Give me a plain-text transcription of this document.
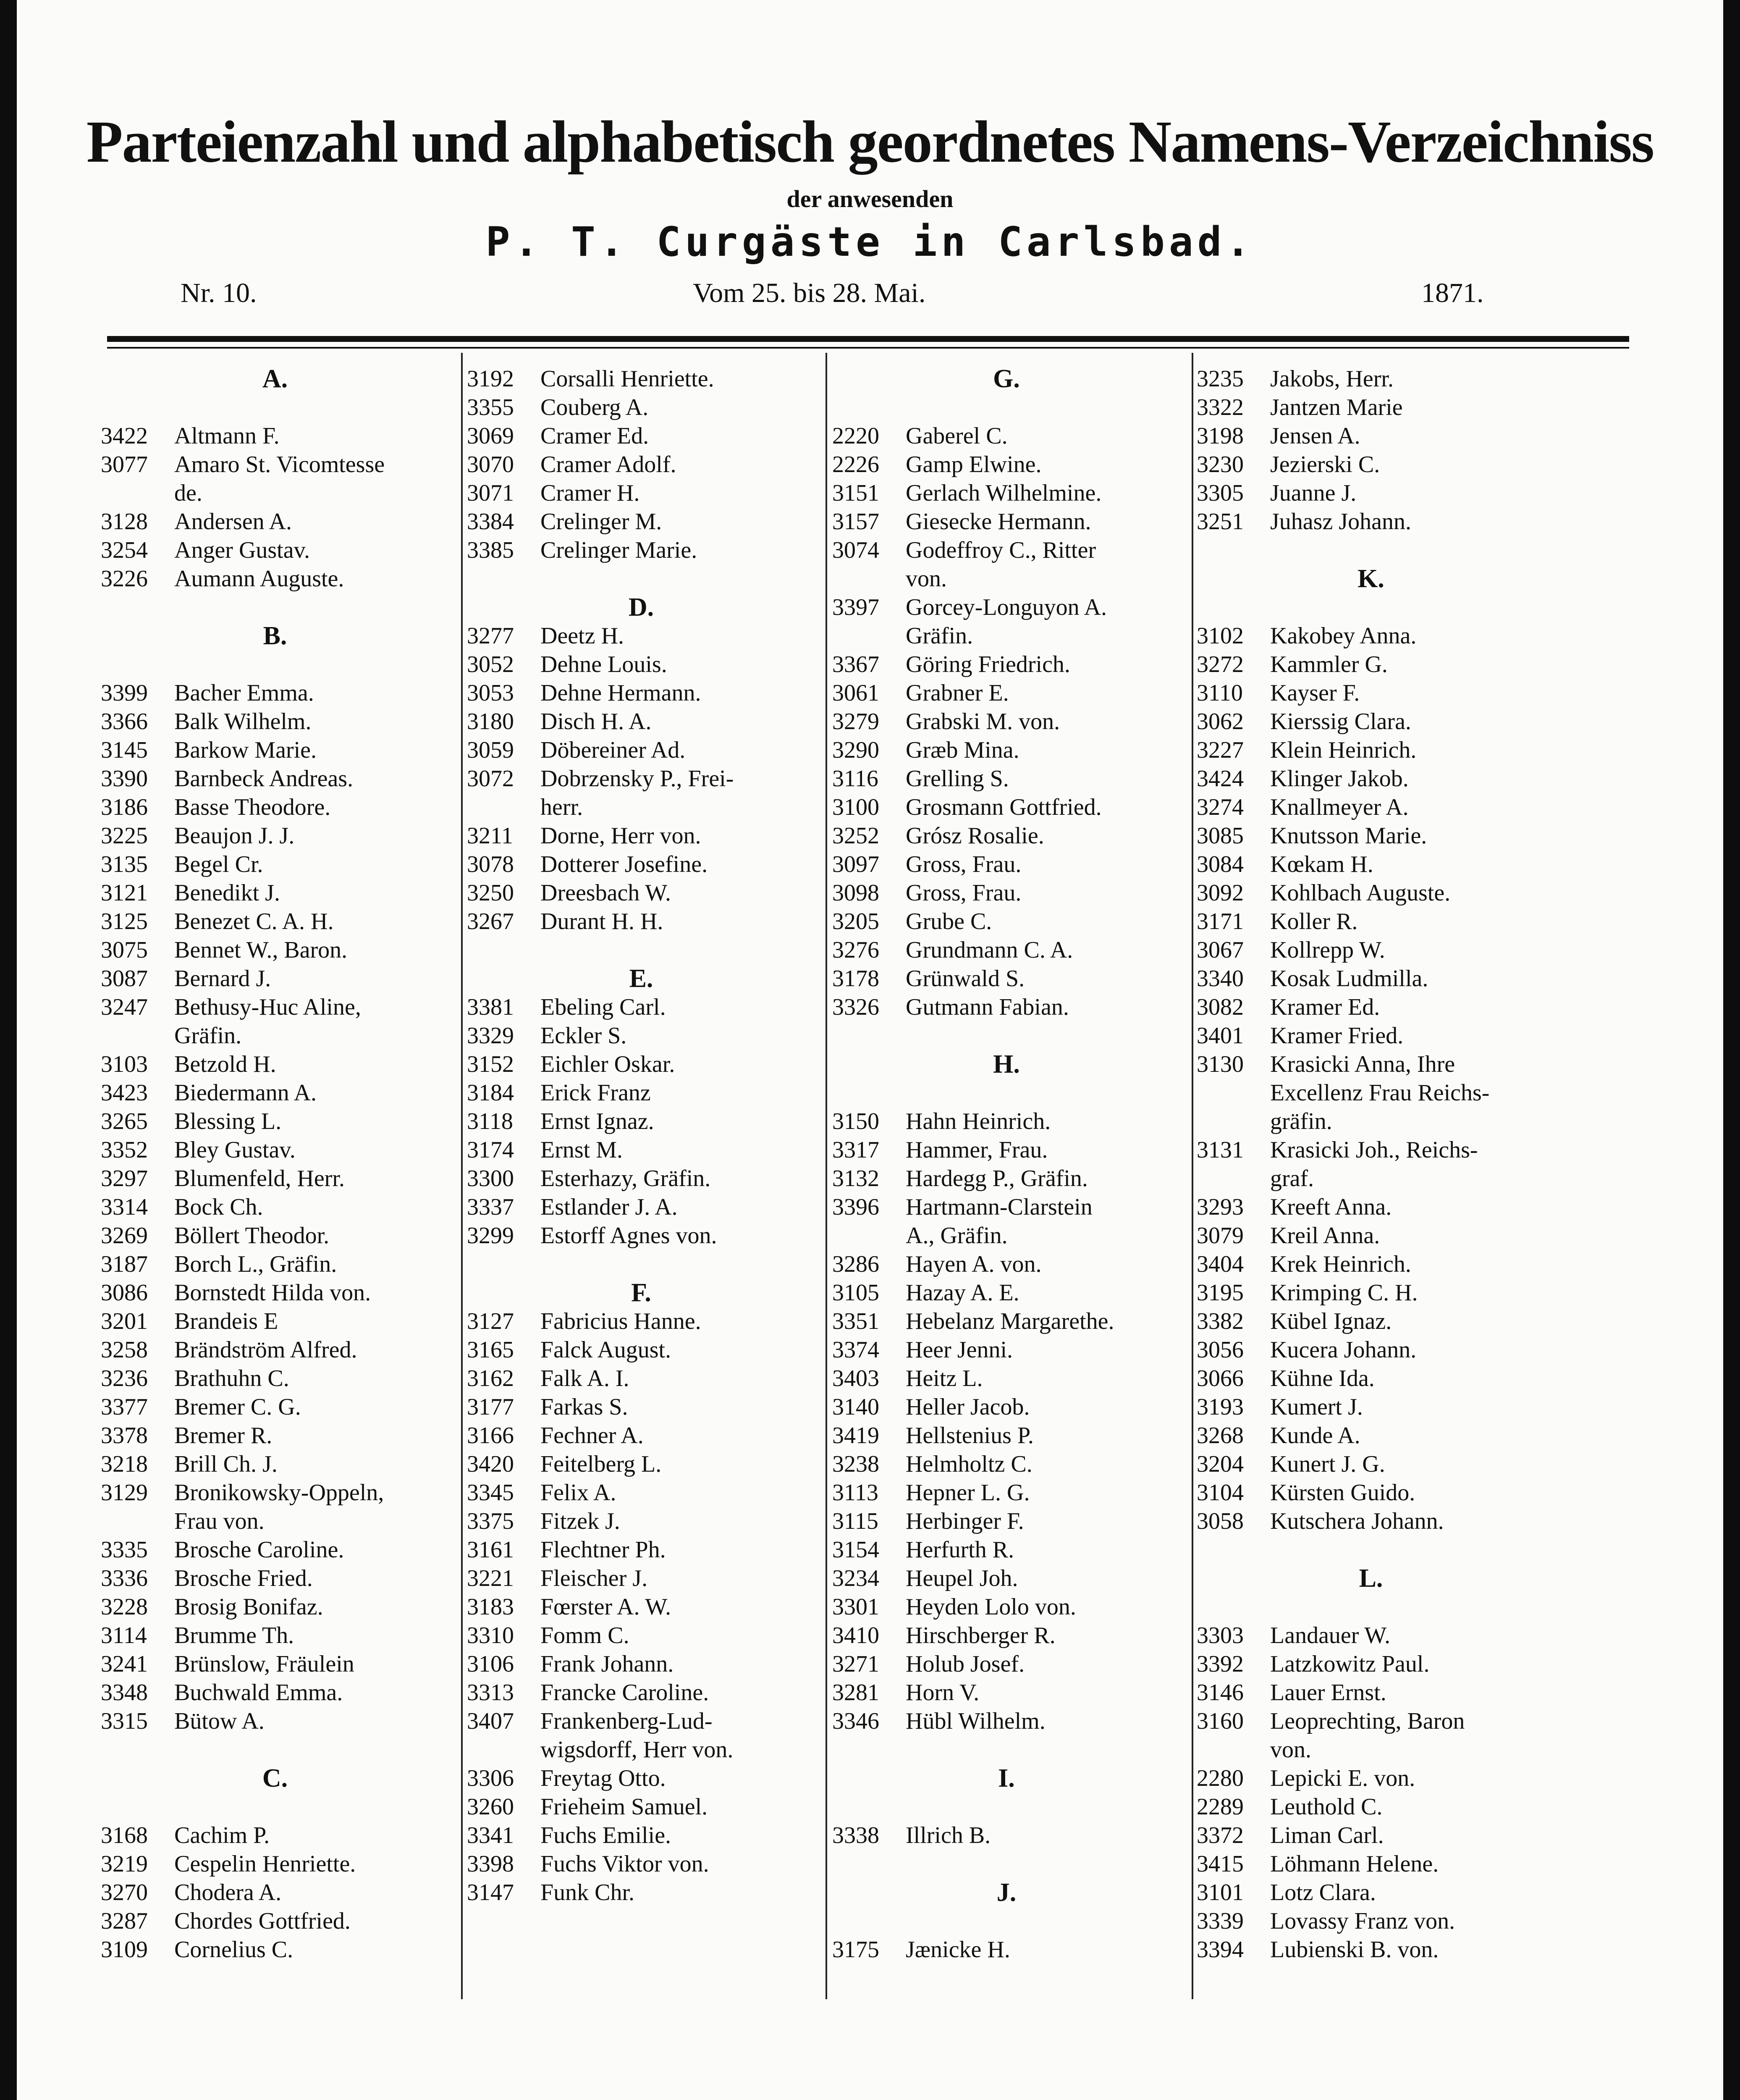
Parteienzahl und alphabetisch geordnetes Namens-Verzeichniss
der anwesenden
P. T. Curgäste in Carlsbad.
Nr. 10.	Vom 25. bis 28. Mai.	1871.
A.
3422	Altmann F.
3077	Amaro St. Vicomtesse
de.
3128	Andersen A.
3254	Anger Gustav.
3226	Aumann Auguste.
B.
3399	Bacher Emma.
3366	Balk Wilhelm.
3145	Barkow Marie.
3390	Barnbeck Andreas.
3186	Basse Theodore.
3225	Beaujon J. J.
3135	Begel Cr.
3121	Benedikt J.
3125	Benezet C. A. H.
3075	Bennet W., Baron.
3087	Bernard J.
3247	Bethusy-Huc Aline,
Gräfin.
3103	Betzold H.
3423	Biedermann A.
3265	Blessing L.
3352	Bley Gustav.
3297	Blumenfeld, Herr.
3314	Bock Ch.
3269	Böllert Theodor.
3187	Borch L., Gräfin.
3086	Bornstedt Hilda von.
3201	Brandeis E
3258	Brändström Alfred.
3236	Brathuhn C.
3377	Bremer C. G.
3378	Bremer R.
3218	Brill Ch. J.
3129	Bronikowsky-Oppeln,
Frau von.
3335	Brosche Caroline.
3336	Brosche Fried.
3228	Brosig Bonifaz.
3114	Brumme Th.
3241	Brünslow, Fräulein
3348	Buchwald Emma.
3315	Bütow A.
C.
3168	Cachim P.
3219	Cespelin Henriette.
3270	Chodera A.
3287	Chordes Gottfried.
3109	Cornelius C.
3192	Corsalli Henriette.
3355	Couberg A.
3069	Cramer Ed.
3070	Cramer Adolf.
3071	Cramer H.
3384	Crelinger M.
3385	Crelinger Marie.
D.
3277	Deetz H.
3052	Dehne Louis.
3053	Dehne Hermann.
3180	Disch H. A.
3059	Döbereiner Ad.
3072	Dobrzensky P., Frei-
herr.
3211	Dorne, Herr von.
3078	Dotterer Josefine.
3250	Dreesbach W.
3267	Durant H. H.
E.
3381	Ebeling Carl.
3329	Eckler S.
3152	Eichler Oskar.
3184	Erick Franz
3118	Ernst Ignaz.
3174	Ernst M.
3300	Esterhazy, Gräfin.
3337	Estlander J. A.
3299	Estorff Agnes von.
F.
3127	Fabricius Hanne.
3165	Falck August.
3162	Falk A. I.
3177	Farkas S.
3166	Fechner A.
3420	Feitelberg L.
3345	Felix A.
3375	Fitzek J.
3161	Flechtner Ph.
3221	Fleischer J.
3183	Fœrster A. W.
3310	Fomm C.
3106	Frank Johann.
3313	Francke Caroline.
3407	Frankenberg-Lud-
wigsdorff, Herr von.
3306	Freytag Otto.
3260	Frieheim Samuel.
3341	Fuchs Emilie.
3398	Fuchs Viktor von.
3147	Funk Chr.
G.
2220	Gaberel C.
2226	Gamp Elwine.
3151	Gerlach Wilhelmine.
3157	Giesecke Hermann.
3074	Godeffroy C., Ritter
von.
3397	Gorcey-Longuyon A.
Gräfin.
3367	Göring Friedrich.
3061	Grabner E.
3279	Grabski M. von.
3290	Græb Mina.
3116	Grelling S.
3100	Grosmann Gottfried.
3252	Grósz Rosalie.
3097	Gross, Frau.
3098	Gross, Frau.
3205	Grube C.
3276	Grundmann C. A.
3178	Grünwald S.
3326	Gutmann Fabian.
H.
3150	Hahn Heinrich.
3317	Hammer, Frau.
3132	Hardegg P., Gräfin.
3396	Hartmann-Clarstein
A., Gräfin.
3286	Hayen A. von.
3105	Hazay A. E.
3351	Hebelanz Margarethe.
3374	Heer Jenni.
3403	Heitz L.
3140	Heller Jacob.
3419	Hellstenius P.
3238	Helmholtz C.
3113	Hepner L. G.
3115	Herbinger F.
3154	Herfurth R.
3234	Heupel Joh.
3301	Heyden Lolo von.
3410	Hirschberger R.
3271	Holub Josef.
3281	Horn V.
3346	Hübl Wilhelm.
I.
3338	Illrich B.
J.
3175	Jænicke H.
3235	Jakobs, Herr.
3322	Jantzen Marie
3198	Jensen A.
3230	Jezierski C.
3305	Juanne J.
3251	Juhasz Johann.
K.
3102	Kakobey Anna.
3272	Kammler G.
3110	Kayser F.
3062	Kierssig Clara.
3227	Klein Heinrich.
3424	Klinger Jakob.
3274	Knallmeyer A.
3085	Knutsson Marie.
3084	Kœkam H.
3092	Kohlbach Auguste.
3171	Koller R.
3067	Kollrepp W.
3340	Kosak Ludmilla.
3082	Kramer Ed.
3401	Kramer Fried.
3130	Krasicki Anna, Ihre
Excellenz Frau Reichs-
gräfin.
3131	Krasicki Joh., Reichs-
graf.
3293	Kreeft Anna.
3079	Kreil Anna.
3404	Krek Heinrich.
3195	Krimping C. H.
3382	Kübel Ignaz.
3056	Kucera Johann.
3066	Kühne Ida.
3193	Kumert J.
3268	Kunde A.
3204	Kunert J. G.
3104	Kürsten Guido.
3058	Kutschera Johann.
L.
3303	Landauer W.
3392	Latzkowitz Paul.
3146	Lauer Ernst.
3160	Leoprechting, Baron
von.
2280	Lepicki E. von.
2289	Leuthold C.
3372	Liman Carl.
3415	Löhmann Helene.
3101	Lotz Clara.
3339	Lovassy Franz von.
3394	Lubienski B. von.
